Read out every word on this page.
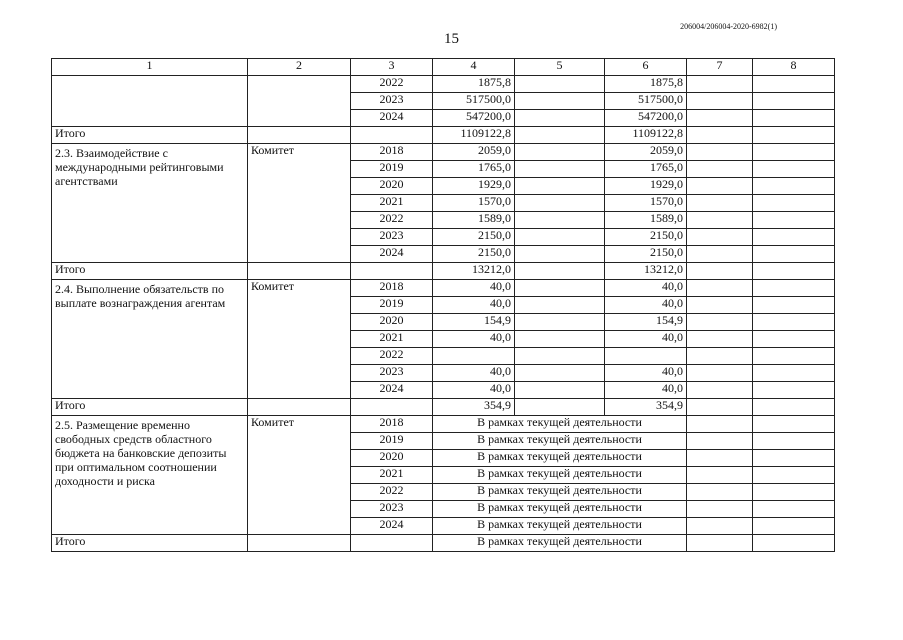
206004/206004-2020-6982(1)
15
1	2	3	4	5	6	7	8
		2022	1875,8		1875,8		
		2023	517500,0		517500,0		
		2024	547200,0		547200,0		
Итого			1109122,8		1109122,8		
2.3. Взаимодействие с международными рейтинговыми агентствами	Комитет	2018	2059,0		2059,0		
		2019	1765,0		1765,0		
		2020	1929,0		1929,0		
		2021	1570,0		1570,0		
		2022	1589,0		1589,0		
		2023	2150,0		2150,0		
		2024	2150,0		2150,0		
Итого			13212,0		13212,0		
2.4. Выполнение обязательств по выплате вознаграждения агентам	Комитет	2018	40,0		40,0		
		2019	40,0		40,0		
		2020	154,9		154,9		
		2021	40,0		40,0		
		2022					
		2023	40,0		40,0		
		2024	40,0		40,0		
Итого			354,9		354,9		
2.5. Размещение временно свободных средств областного бюджета на банковские депозиты при оптимальном соотношении доходности и риска	Комитет	2018	В рамках текущей деятельности				
		2019	В рамках текущей деятельности				
		2020	В рамках текущей деятельности				
		2021	В рамках текущей деятельности				
		2022	В рамках текущей деятельности				
		2023	В рамках текущей деятельности				
		2024	В рамках текущей деятельности				
Итого			В рамках текущей деятельности				
